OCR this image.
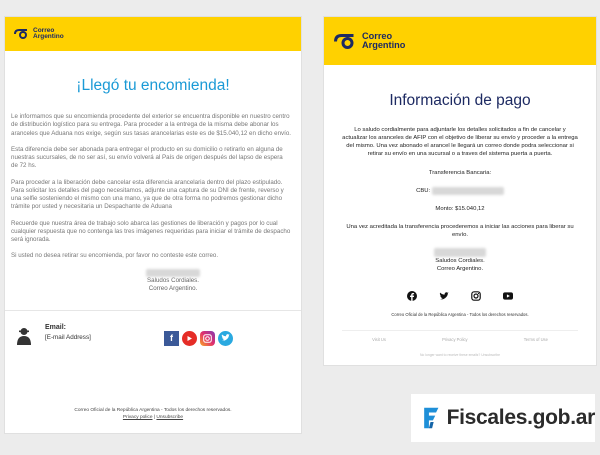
Correo
Argentino
¡Llegó tu encomienda!

Le informamos que su encomienda procedente del exterior se encuentra disponible en nuestro centro de distribución logístico para su entrega. Para proceder a la entrega de la misma debe abonar los aranceles que Aduana nos exige, según sus tasas arancelarias este es de $15.040,12 en dicho envío.

Esta diferencia debe ser abonada para entregar el producto en su domicilio o retirarlo en alguna de nuestras sucursales, de no ser así, su envío volverá al País de origen después del lapso de espera de 72 hs.

Para proceder a la liberación debe cancelar esta diferencia arancelaria dentro del plazo estipulado. Para solicitar los detalles del pago necesitamos, adjunte una captura de su DNI de frente, reverso y una selfie sosteniendo el mismo con una mano, ya que de otra forma no podremos gestionar dicho trámite por usted y necesitaria un Despachante de Aduana

Recuerde que nuestra área de trabajo solo abarca las gestiones de liberación y pagos por lo cual cualquier respuesta que no contenga las tres imágenes requeridas para iniciar el trámite de despacho será ignorada.

Si usted no desea retirar su encomienda, por favor no conteste este correo.

Saludos Cordiales.
Correo Argentino.
Email:
[E-mail Address]	f
Correo Oficial de la República Argentina - Todos los derechos reservados.
Privacy police | Unsubscribe
Correo
Argentino
Información de pago
Lo saludo cordialmente para adjuntarle los detalles solicitados a fin de cancelar y actualizar los aranceles de AFIP con el objetivo de liberar su envío y proceder a la entrega del mismo. Una vez abonado el arancel le llegará un correo donde podra seleccionar si retirar su envío en una sucursal o a traves del sistema puerta a puerta.
Transferencia Bancaria:
CBU:
Monto: $15.040,12
Una vez acreditada la transferencia procederemos a iniciar las acciones para liberar su envío.
Saludos Cordiales.
Correo Argentino.
Correo Oficial de la República Argentina - Todos los derechos reservados.
Visit Us	Privacy Policy	Terms of Use
No longer want to receive these emails? Unsubscribe
Fiscales.gob.ar
